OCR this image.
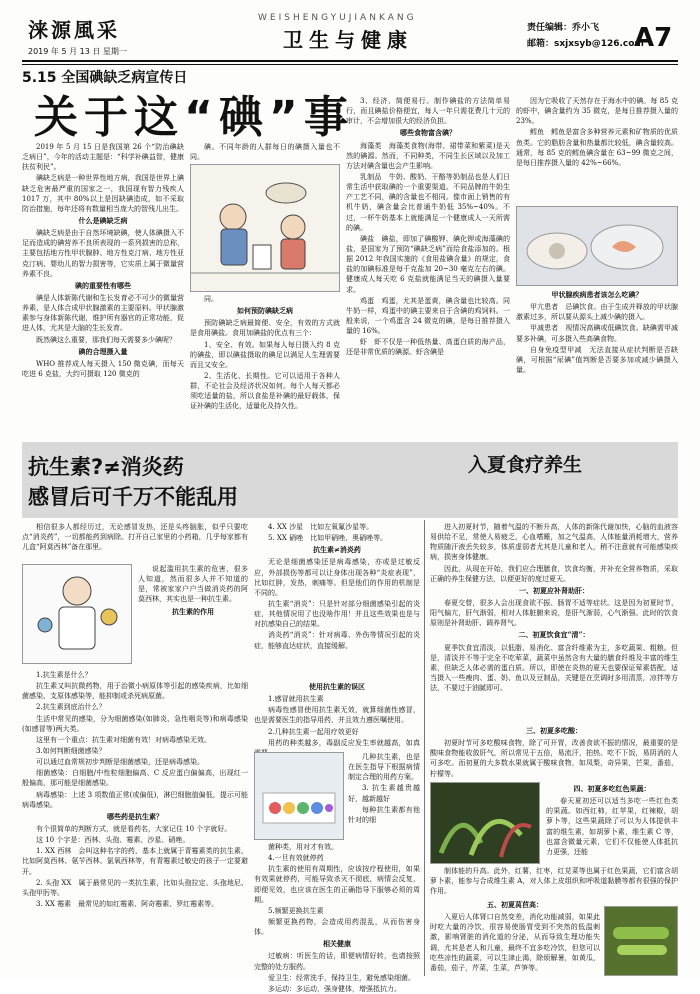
涞源風采
2019 年 5 月 13 日 星期一
WEISHENGYUJIANKANG
卫生与健康	责任编辑：乔小飞
邮箱：sxjxsyb@126.com
A7
5.15 全国碘缺乏病宣传日
关于这“碘”事

2019 年 5 月 15 日是我国第 26 个“防治碘缺乏病日”，今年的活动主题是：“科学补碘益智，健康扶贫利民”。

碘缺乏病是一种世界性地方病，我国是世界上碘缺乏危害最严重的国家之一，我国现有智力残疾人 1017 万，其中 80%以上是因缺碘造成，如不采取防治措施，每年还将有数量相当庞大的智残儿出生。

什么是碘缺乏病

碘缺乏病是由于自然环境缺碘，使人体碘摄入不足而造成的碘营养不良所表现的一系列损害的总称，主要包括地方性甲状腺肿、地方性克汀病、地方性亚克汀病、婴幼儿的智力损害等，它实质上属于微量营养素不良。

碘的重要性有哪些

碘是人体新陈代谢和生长发育必不可少的微量营养素，是人体合成甲状腺激素的主要原料。甲状腺激素参与身体新陈代谢，维护所有器官的正常功能，促进人体，尤其是大脑的生长发育。

既然碘这么重要，那我们每天需要多少碘呢？

碘的合理摄入量

WHO 推荐成人每天摄入 150 微克碘，而每天吃进 6 克盐，大约可摄取 120 微克的

碘。不同年龄的人群每日的碘摄入量也不同。

同。

如何预防碘缺乏病

预防碘缺乏病最简便、安全，有效的方式就是食用碘盐。食用加碘盐的优点有三个：

1、安全、有效。如果每人每日摄入约 8 克的碘盐，即以碘盐摄取的碘足以满足人生理需要而且又安全。

2、生活化、长期性。它可以适用于各种人群，不论社会及经济状况如何。每个人每天都必须吃适量的盐，所以食盐是补碘的最好载体，保证补碘的生活化，适量化及持久性。

3、经济、简便易行。制作碘盐的方法简单易行，而且碘盐价格便宜，每人一年只需花费几十元的审计，不会增加很大的经济负担。

哪些食物富含碘？

海藻类　海藻类食物(海带、裙带菜和紫菜)是天然的碘源。然而，不同种类，不同生长区域以及加工方法对碘含量也会产生影响。

乳制品　牛奶、酸奶、干酪等奶制品也是人们日常生活中获取碘的一个重要渠道。不同品牌的牛奶生产工艺不同，碘的含量也不相同。像市面上销售的有机牛奶，碘含量会比普通牛奶低 35%~40%。不过，一杯牛奶基本上就能满足一个健康成人一天所需的碘。

碘盐　碘盐，即加了碘酸钾、碘化钾或海藻碘的盐，是国家为了预防“碘缺乏病”而给食盐添加的。根据 2012 年我国实施的《食用盐碘含量》的规定，食盐的加碘标准是每千克盐加 20~30 毫克左右的碘。健康成人每天吃 6 克盐就能满足当天的碘摄入量要求。

鸡蛋　鸡蛋，尤其是蛋黄，碘含量也比较高。同牛奶一样，鸡蛋中的碘主要来自于含碘的鸡饲料。一般来说，一个鸡蛋含 24 微克的碘，是每日推荐摄入量的 16%。

虾　虾不仅是一种低热量、高蛋白质的海产品，还是非常优质的碘源。虾含碘是

因为它吸收了天然存在于海水中的碘。每 85 克的虾中，碘含量约为 35 微克，是每日推荐摄入量的 23%。

鳕鱼　鳕鱼是富含多种营养元素和矿物质的优质鱼类。它的脂肪含量和热量都比较低，碘含量较高。通常，每 85 克的鳕鱼碘含量在 63~99 微克之间，是每日推荐摄入量的 42%~66%。

甲状腺疾病患者该怎么吃碘？

甲亢患者　忌碘饮食。由于生成并释放的甲状腺激素过多，所以要从源头上减少碘的摄入。

甲减患者　视情况高碘或低碘饮食。缺碘需甲减要多补碘，可多摄入些高碘食物。

自身免疫型甲减　无法直接从症状判断是否缺碘，可根据“尿碘”值判断是否要多加或减少碘摄入量。

抗生素?≠消炎药
感冒后可千万不能乱用
入夏食疗养生

相信很多人都经历过，无论感冒发热，还是头疼脑胀，似乎只要吃点“消炎药”，一切都能药到病除。打开自己家里的小药箱，几乎每家都有儿盒“阿莫西林”备在那里。

说起滥用抗生素的危害，很多人知道，然而很多人并不知道的是，常被家家户户当做消炎药的阿莫西林，其实也是一种抗生素。

抗生素的作用

1.抗生素是什么？

抗生素又叫抗微药物，用于治微小病原体等引起的感染疾病，比如细菌感染、支原体感染等，能抑制或杀死病原菌。

2.抗生素到底治什么？

生活中常见的感染，分为细菌感染(如肺炎、急性咽炎等)和病毒感染(如感冒等)两大类。

这里有一个重点：抗生素对细菌有效！对病毒感染无效。

3.如何判断细菌感染？

可以通过血常规初步判断是细菌感染，还是病毒感染。

细菌感染：白细胞/中性粒细胞偏高、C 反应蛋白偏偏高，出现红一般偏高，那可能是细菌感染。

病毒感染：上述 3 项数值正常(或偏低)，淋巴细胞值偏低，提示可能病毒感染。

哪些药是抗生素？

有个很简单的判断方式，就是看药名，大家记住 10 个字就好。

这 10 个字是：西林、头孢、霉素、沙星、硝唑。

1. XX 西林　会叫这种名字的药，基本上就属于青霉素类的抗生素，比如阿莫西林、氨苄西林、氯氧西林等，有青霉素过敏史的孩子一定要避开。

2. 头孢 XX　属于最常见的一类抗生素，比如头孢拉定、头孢地尼、头孢甲肟等。

3. XX 霉素　最常见的如红霉素、阿奇霉素、罗红霉素等。

4. XX 沙星　比如左氧氟沙星等。

5. XX 硝唑　比如甲硝唑、奥硝唑等。

抗生素≠消炎药

无论是细菌感染还是病毒感染，亦或是过敏反应，外部损伤等都可以让身体出现各种“炎症表现”，比如红肿，发热，刺痛等。但是他们的作用的机制是不同的。

抗生素“消炎”：只是针对部分细菌感染引起的炎症，其他情况用了也没啥作用！并且这些效果也是与对抗感染自己的结果。

消炎药“消炎”：针对病毒、外伤等情况引起的炎症，能够直达症状，直接缓解。

使用抗生素的误区

1.感冒就用抗生素

病毒性感冒使用抗生素无效，就算细菌性感冒，也是需要医生的指导用药，并且效力遵医嘱使用。

2.几种抗生素一起用疗效更好

用药的种类越多，毒副反应发生率就越高，如真

几种抗生素，也是在医生指导下根据病情制定合理的用药方案。

3. 抗生素越贵越好，越新越好

每种抗生素都有他针对的细

菌种类，用对才有效。

4.一旦有效就停药

抗生素的使用有周期性，应该按疗程使用，如果有效果就停药，可能导致杀灭不彻底，病情会反复，即便见效，也应该在医生的正确指导下服够必须的周期。

5.频繁更换抗生素

频繁更换药物，会造成用药混乱，从而伤害身体。

相关健康

过敏病：听医生的话，即便病情好转，也请按照完整的处方服药。

爱卫生：经常洗手，保持卫生，避免感染细菌。

多运动：多运动，强身健体，增强抵抗力。

进入初夏时节，随着气温的不断升高，人体的新陈代谢加快，心脑的血液容易供给不足，常使人易疲乏，心血嗜睡，加之气温高，人体能量消耗增大，营养物质随汗液丢失较多，体质虚弱者尤其是儿童和老人，稍不注意就有可能感染疾病，损害身体健康。

因此，从现在开始，我们应合理膳食，饮食均衡，并补充全营养物质，采取正确的养生保健方法，以便更好的度过夏天。

一、初夏应补肾助肝：

春夏交替，很多人会出现食欲不振、肠胃不适等症状。这是因为初夏时节，阳气偏亢，肝气渐弱，相对人体脏腑来说，是肝气渐弱，心气渐强。此时的饮食原则是补肾助肝、调养肾气。

二、初夏饮食宜“清”：

夏季饮食宜清淡，以低脂、易消化、富含纤维素为主，多吃蔬果、粗粮。但是，清淡并不等于完全不吃荤菜，蔬菜中虽然含有大量的膳食纤维及丰富的维生素，但缺乏人体必需的蛋白质。所以，即使在炎热的夏天也要保证荤素搭配，适当摄入一些瘦肉、蛋、奶、鱼以及豆制品，关键是在烹调时多用清蒸，凉拌等方法，不要过于油腻即可。

三、初夏多吃酸：

初夏时节可多吃酸味食物，除了可开胃，改善食欲不振的情况，最重要的是酸味食物能收敛肝气，所以常见于五倍，易流汗，拍热、吃不下饭，易阴消的人可多吃。而初夏的大多数水果就属于酸味食物，如凤梨，奇异果，芒果，番茄，柠檬等。

四、初夏多吃红色果蔬：

春天夏初还可以适当多吃一些红色类的果蔬。如西红柿，红苹果，红辣椒，胡萝卜等，这些果蔬除了可以为人体提供丰富的维生素，如胡萝卜素，维生素 C 等，也富含微量元素，它们不仅能使人体抵抗力更强，还能

制体能的升高。此外，红薯，红枣，红苋菜等也属于红色果蔬，它们富含胡萝卜素，能参与合成维生素 A，对人体上皮组织和呼吸道黏膜等都有很强的保护作用。

五、初夏莴苣高：

入夏后人体肾口自然变差，消化功能减弱，如果此时吃大量的冷饮，很容易使肠胃受到不突然的低温刺激，影响肾脏的消化道的分泌，从而导致生理功能失调，尤其是老人和儿童，最终不宜多吃冷饮，但您可以吃些凉性的蔬菜，可以生津止渴，除烦解暑，如黄瓜，番茄，茄子，芹菜，生菜，芦笋等。
